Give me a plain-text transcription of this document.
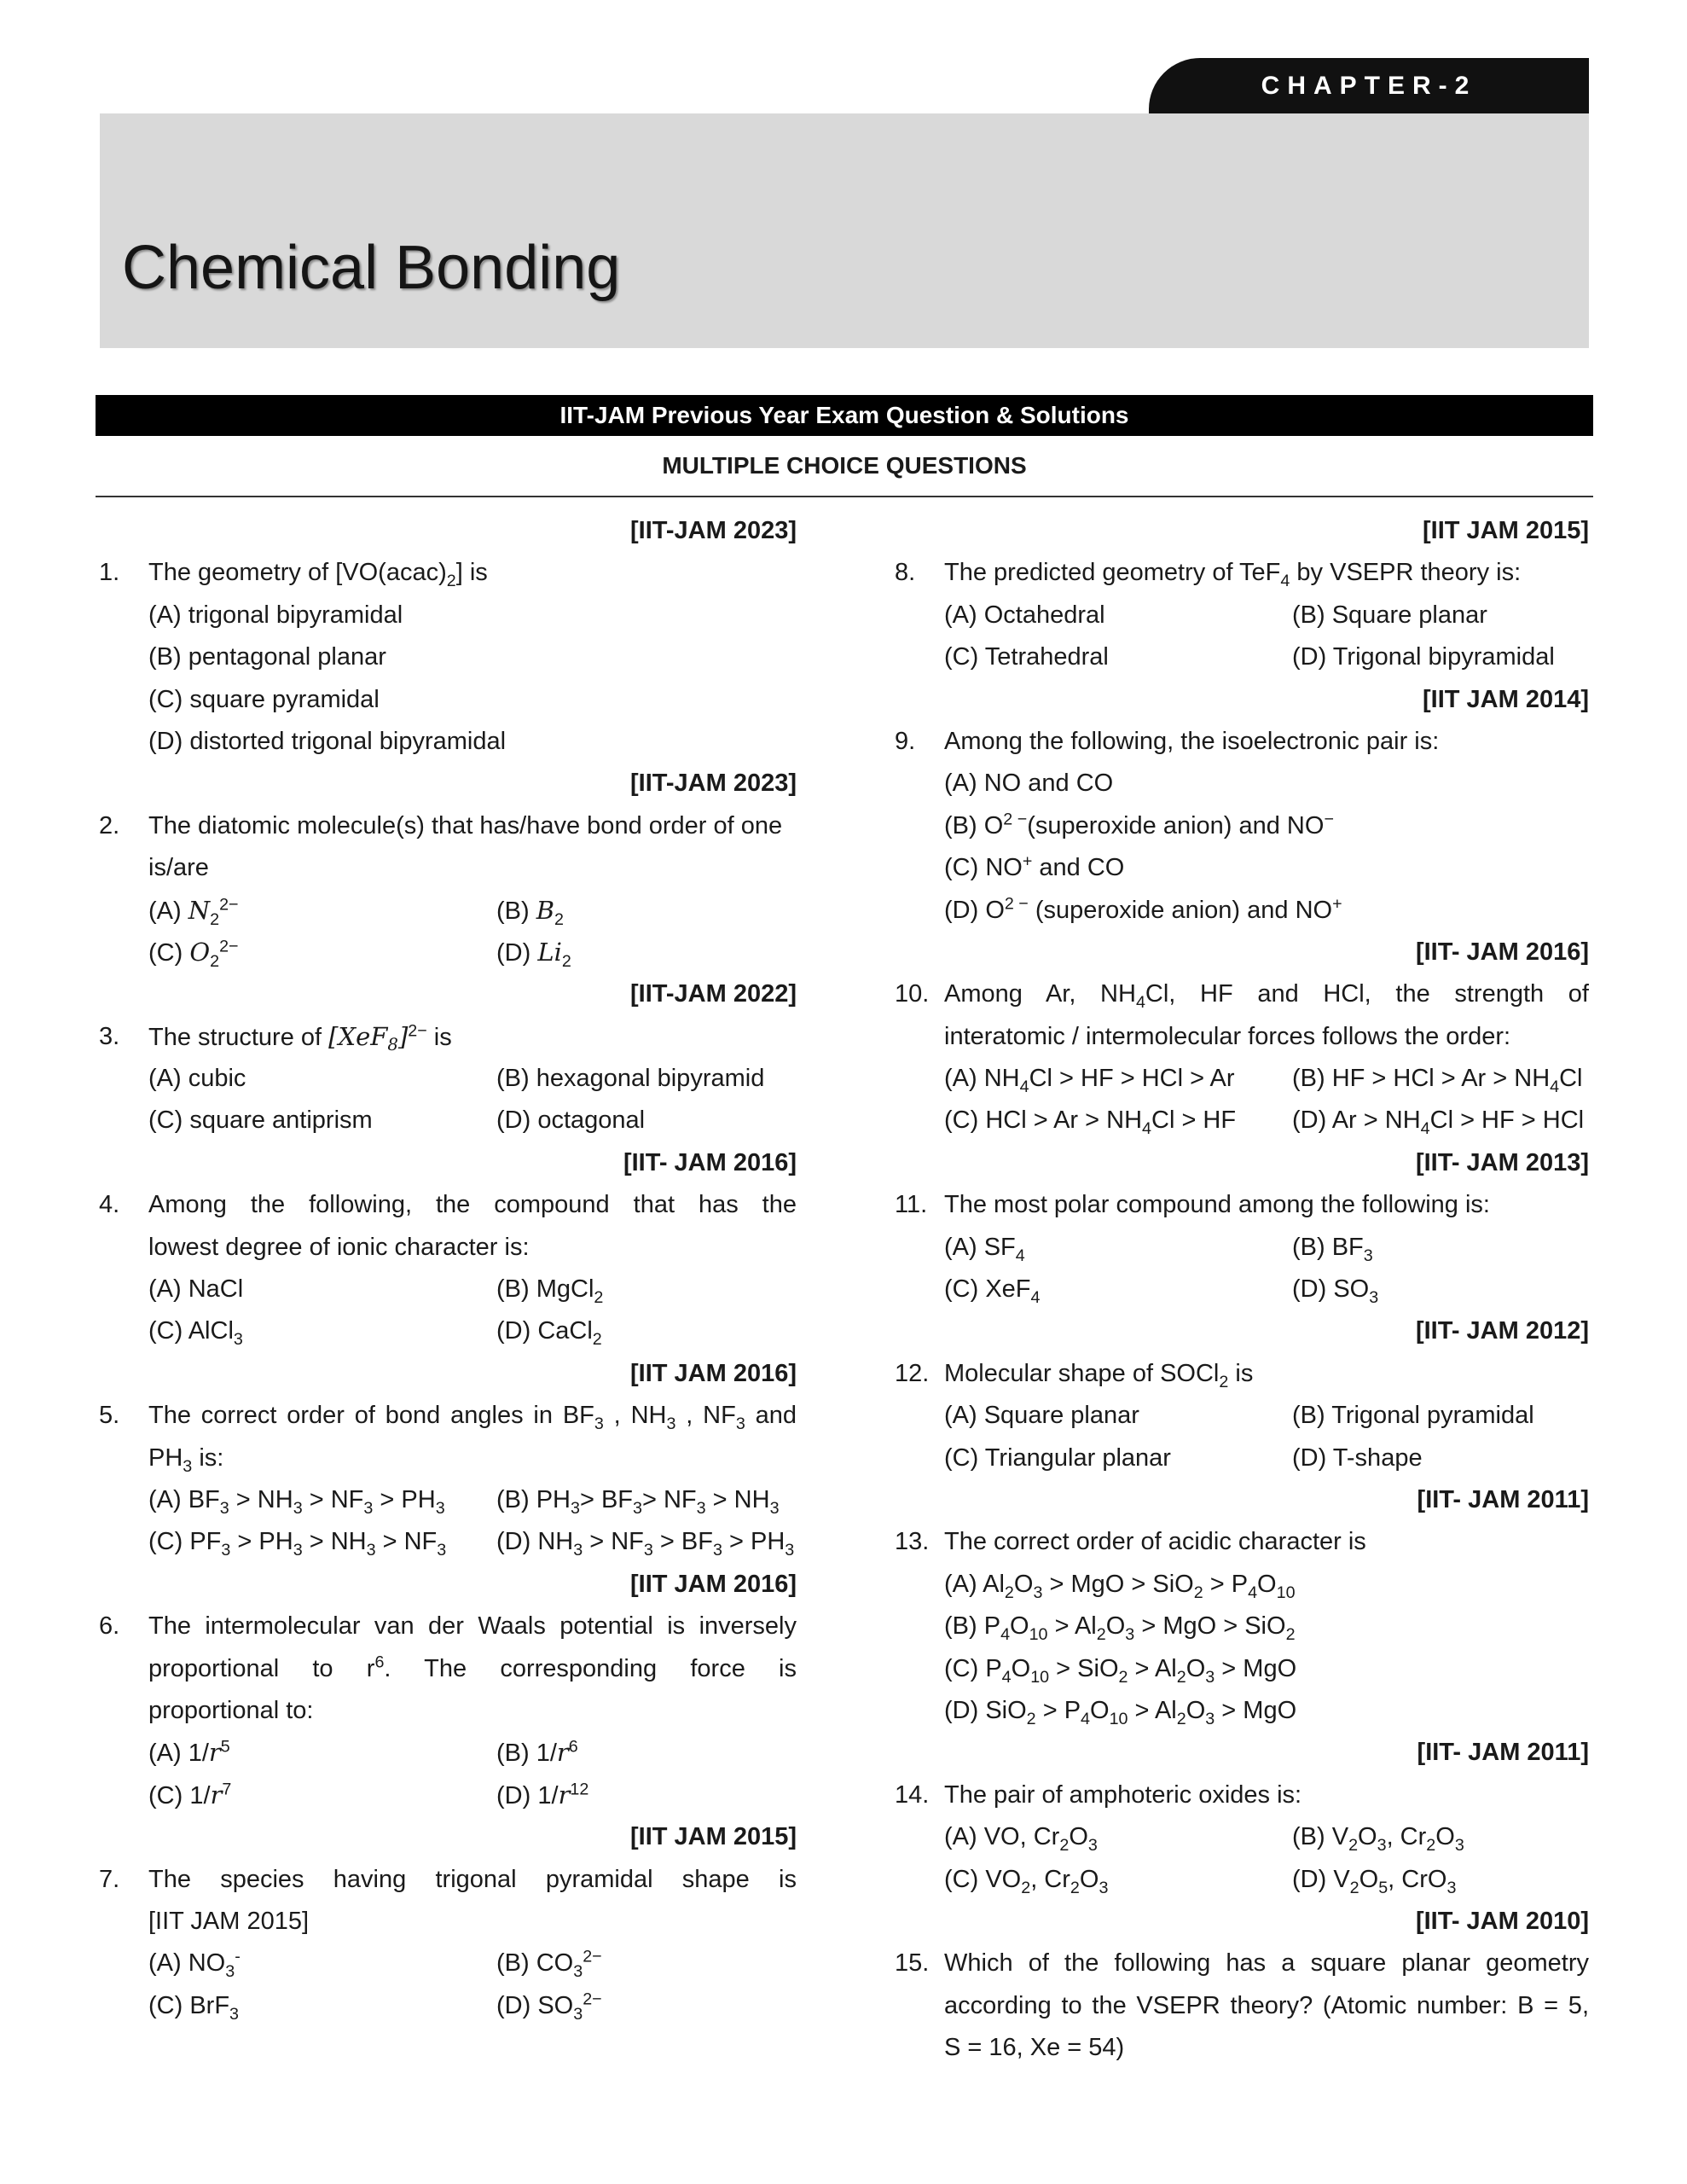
CHAPTER-2
Chemical Bonding
IIT-JAM Previous Year Exam Question & Solutions
MULTIPLE CHOICE QUESTIONS
[IIT-JAM 2023]
1. The geometry of $[VO(acac)_2]$ is
(A) trigonal bipyramidal
(B) pentagonal planar
(C) square pyramidal
(D) distorted trigonal bipyramidal
[IIT-JAM 2023]
2. The diatomic molecule(s) that has/have bond order of one
is/are
(A) $N_2^{2-}$	(B) $B_2$
(C) $O_2^{2-}$	(D) $Li_2$
[IIT-JAM 2022]
3. The structure of $[XeF_8]^{2-}$ is
(A) cubic	(B) hexagonal bipyramid
(C) square antiprism	(D) octagonal
[IIT- JAM 2016]
4. Among the following, the compound that has the
lowest degree of ionic character is:
(A) NaCl	(B) MgCl$_2$
(C) AlCl$_3$	(D) CaCl$_2$
[IIT JAM 2016]
5. The correct order of bond angles in $BF_3$ , $NH_3$ , $NF_3$ and
$PH_3$ is:
(A) $BF_3 > NH_3 > NF_3 > PH_3$	(B) $PH_3> BF_3> NF_3 > NH_3$
(C) $PF_3 > PH_3 > NH_3 > NF_3$	(D) $NH_3 > NF_3 > BF_3 > PH_3$
[IIT JAM 2016]
6. The intermolecular van der Waals potential is inversely
proportional to $r^6$. The corresponding force is
proportional to:
(A) $1/r^5$	(B) $1/r^6$
(C) $1/r^7$	(D) $1/r^{12}$
[IIT JAM 2015]
7. The species having trigonal pyramidal shape is
[IIT JAM 2015]
(A) $NO_3^-$	(B) $CO_3^{2-}$
(C) BrF$_3$	(D) $SO_3^{2-}$
[IIT JAM 2015]
8. The predicted geometry of TeF$_4$ by VSEPR theory is:
(A) Octahedral	(B) Square planar
(C) Tetrahedral	(D) Trigonal bipyramidal
[IIT JAM 2014]
9. Among the following, the isoelectronic pair is:
(A) NO and CO
(B) $O^{2 -}(superoxide$ anion) and NO−
(C) NO+ and CO
(D) $O^{2 -}$ (superoxide anion) and NO+
[IIT- JAM 2016]
10. Among Ar, $NH_4Cl$, HF and HCl, the strength of
interatomic / intermolecular forces follows the order:
(A) $NH_4Cl$ > HF > HCl > Ar	(B) HF > HCl > $Ar > NH_4Cl$
(C) HCl > $Ar > NH_4Cl$ > HF	(D) $Ar > NH_4Cl$ > HF > HCl
[IIT- JAM 2013]
11. The most polar compound among the following is:
(A) $SF_4$	(B) $BF_3$
(C) XeF$_4$	(D) $SO_3$
[IIT- JAM 2012]
12. Molecular shape of SOCl$_2$ is
(A) Square planar	(B) Trigonal pyramidal
(C) Triangular planar	(D) T-shape
[IIT- JAM 2011]
13. The correct order of acidic character is
(A) $Al_2O_3$ > MgO > $SiO_2 > P_4O_{10}$
(B) $P_4O_{10} > Al_2O_3$ > MgO > SiO$_2$
(C) $P_4O_{10} > SiO_2 > Al_2O_3$ > MgO
(D) $SiO_2 > P_4O_{10} > Al_2O_3$ > MgO
[IIT- JAM 2011]
14. The pair of amphoteric oxides is:
(A) VO, $Cr_2O_3$	(B) $V_2O_3$, $Cr_2O_3$
(C) $VO_2$, $Cr_2O_3$	(D) $V_2O_5$, CrO$_3$
[IIT- JAM 2010]
15. Which of the following has a square planar geometry
according to the VSEPR theory? (Atomic number: B = 5,
S = 16, Xe = 54)
